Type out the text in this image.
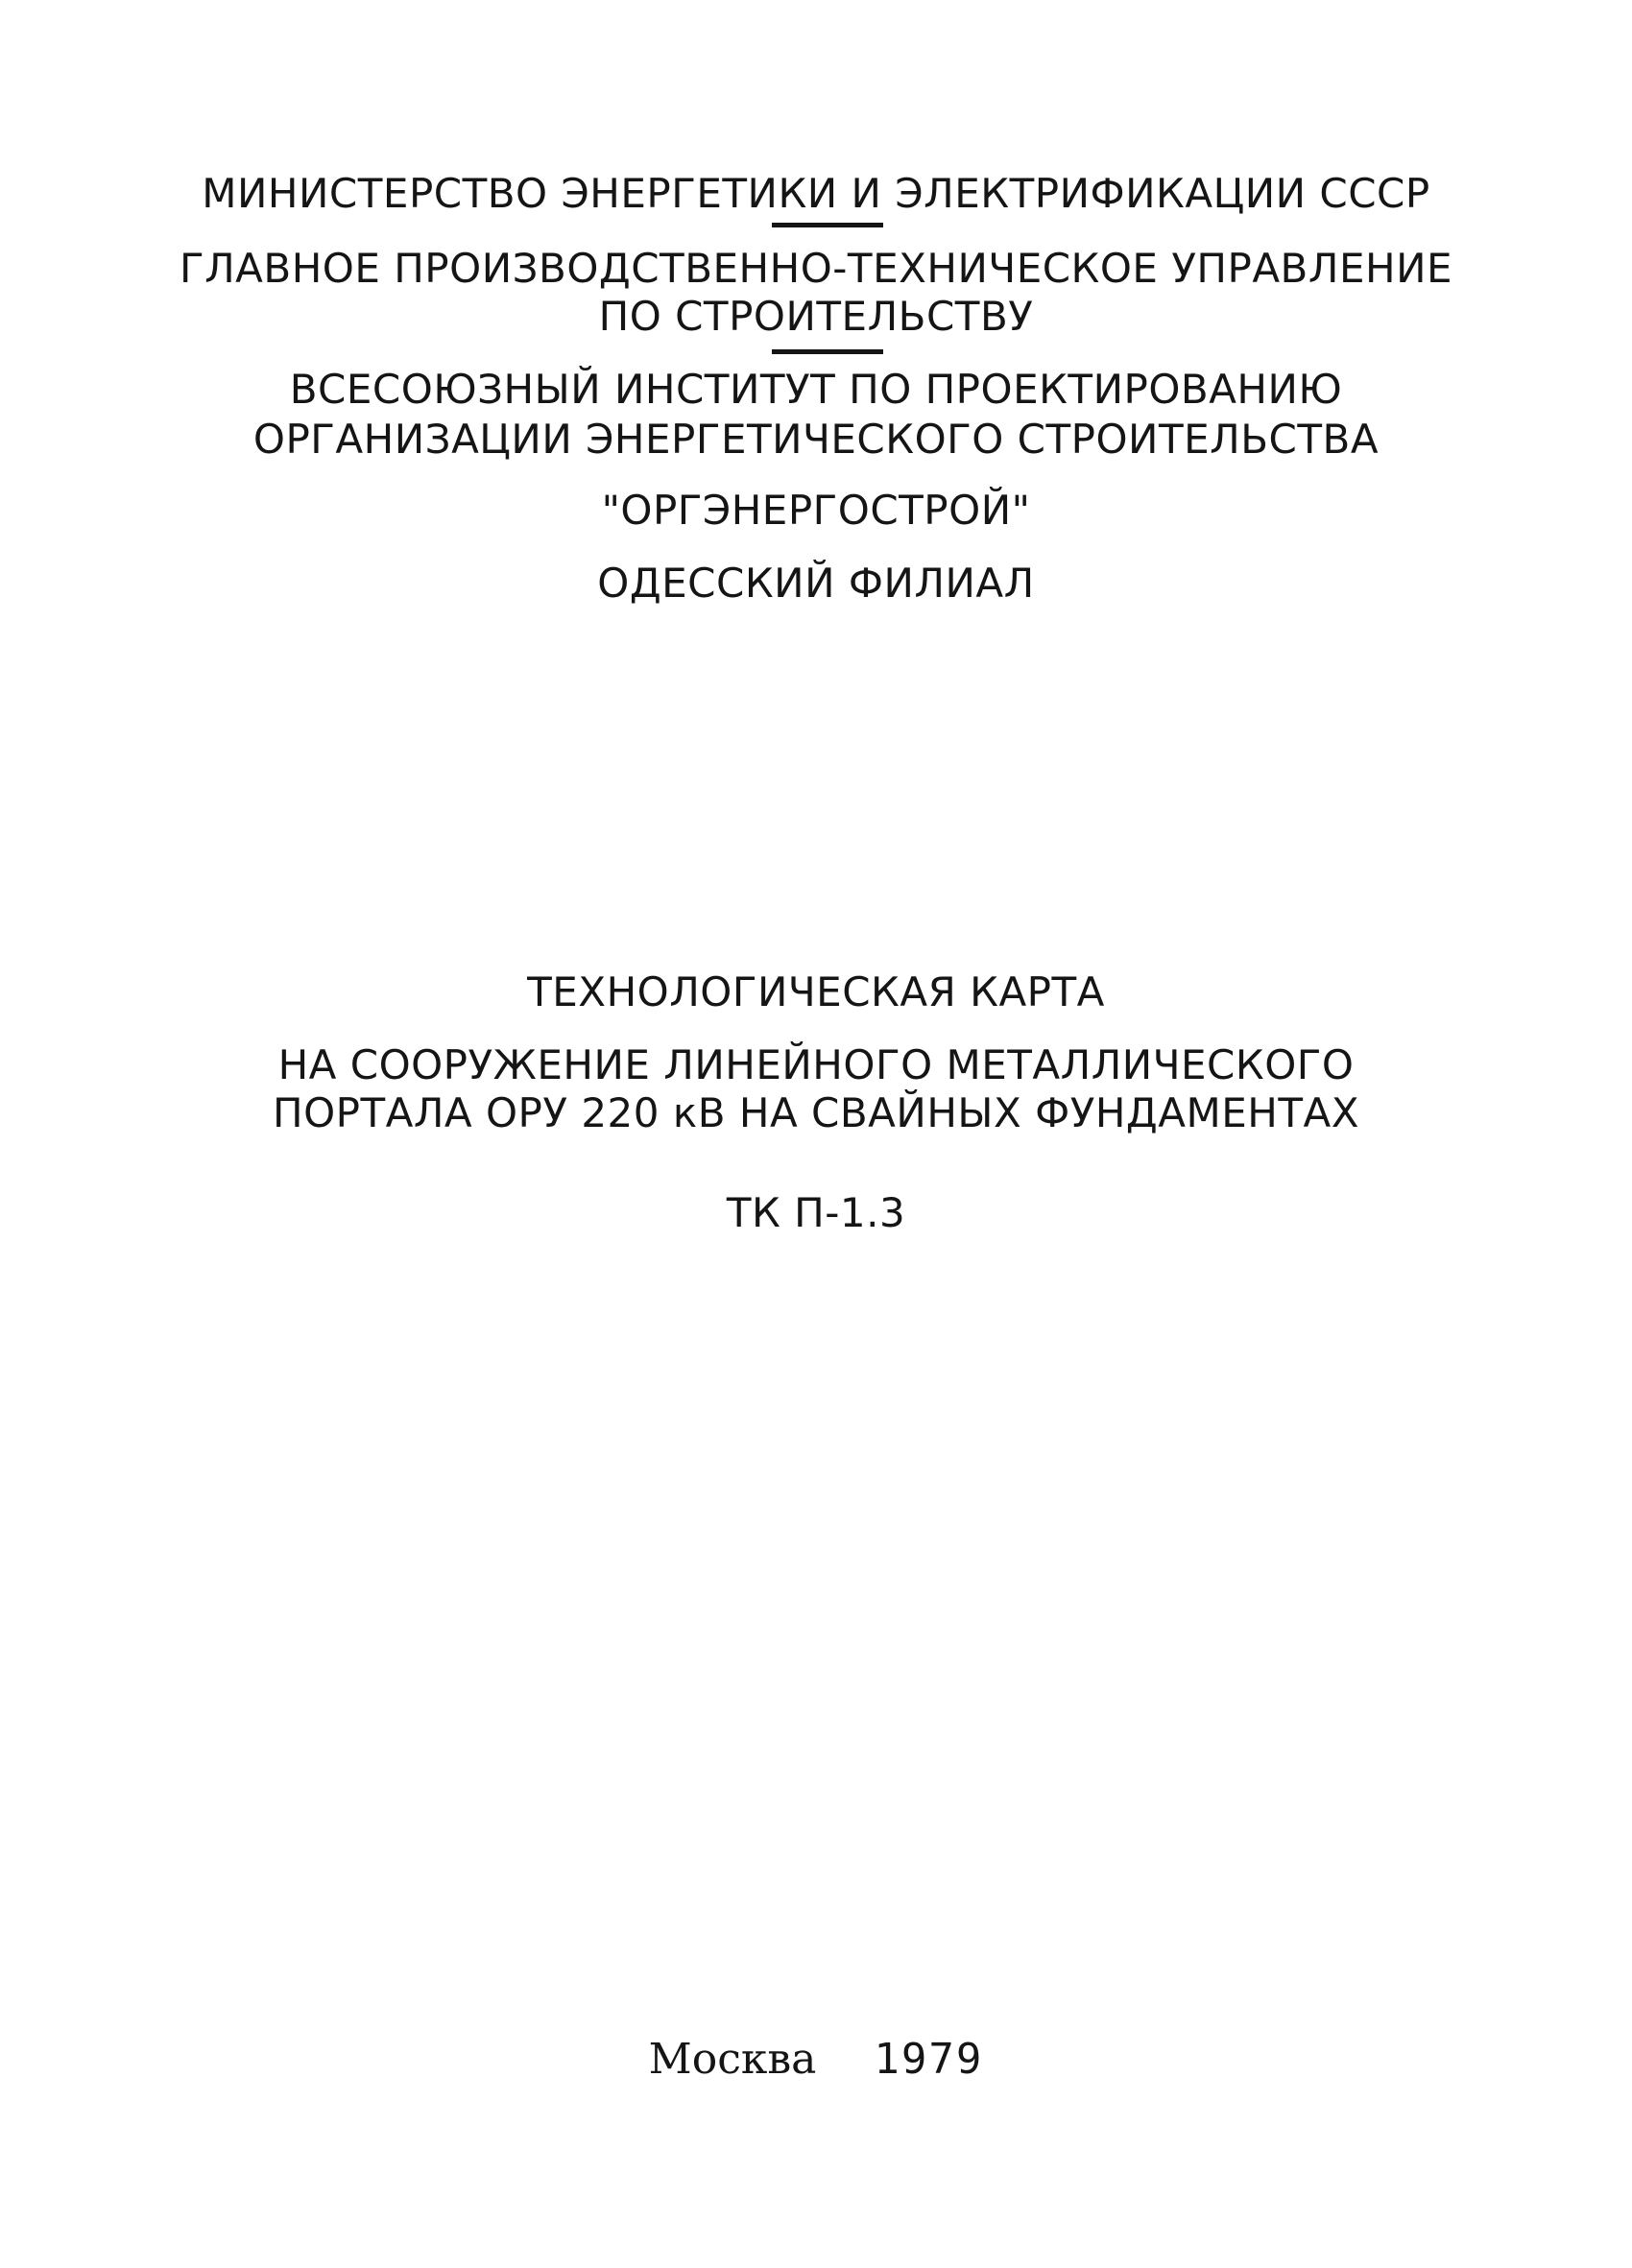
МИНИСТЕРСТВО ЭНЕРГЕТИКИ И ЭЛЕКТРИФИКАЦИИ СССР
ГЛАВНОЕ ПРОИЗВОДСТВЕННО-ТЕХНИЧЕСКОЕ УПРАВЛЕНИЕ
ПО СТРОИТЕЛЬСТВУ
ВСЕСОЮЗНЫЙ ИНСТИТУТ ПО ПРОЕКТИРОВАНИЮ
ОРГАНИЗАЦИИ ЭНЕРГЕТИЧЕСКОГО СТРОИТЕЛЬСТВА
"ОРГЭНЕРГОСТРОЙ"
ОДЕССКИЙ ФИЛИАЛ
ТЕХНОЛОГИЧЕСКАЯ КАРТА
НА СООРУЖЕНИЕ ЛИНЕЙНОГО МЕТАЛЛИЧЕСКОГО
ПОРТАЛА ОРУ 220 кВ НА СВАЙНЫХ ФУНДАМЕНТАХ
ТК П-1.3
Москва 1979
